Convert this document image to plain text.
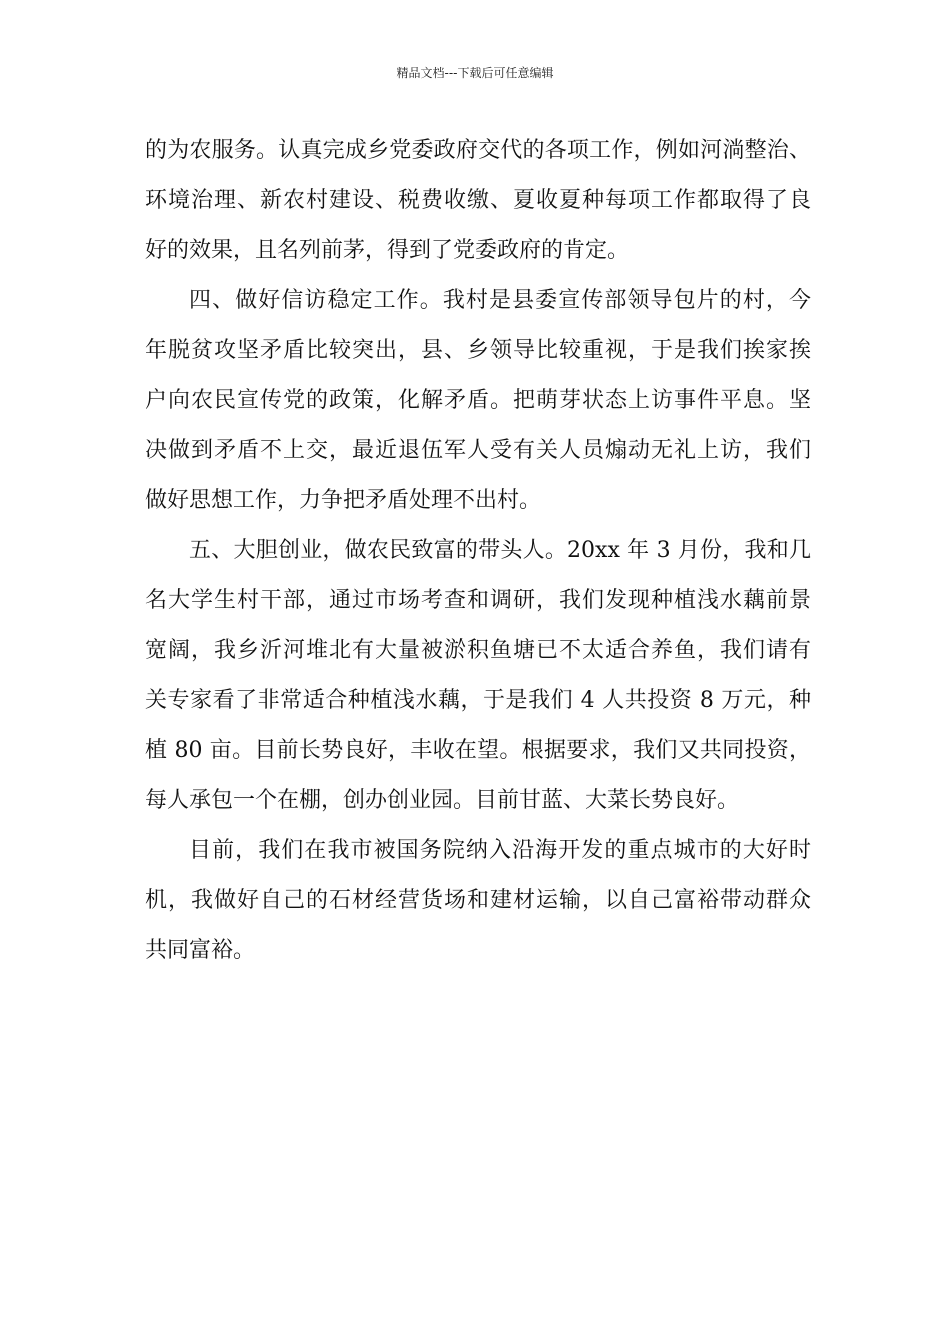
精品文档---下载后可任意编辑
的为农服务。认真完成乡党委政府交代的各项工作，例如河淌整治、
环境治理、新农村建设、税费收缴、夏收夏种每项工作都取得了良
好的效果，且名列前茅，得到了党委政府的肯定。
四、做好信访稳定工作。我村是县委宣传部领导包片的村，今
年脱贫攻坚矛盾比较突出，县、乡领导比较重视，于是我们挨家挨
户向农民宣传党的政策，化解矛盾。把萌芽状态上访事件平息。坚
决做到矛盾不上交，最近退伍军人受有关人员煽动无礼上访，我们
做好思想工作，力争把矛盾处理不出村。
五、大胆创业，做农民致富的带头人。20xx 年 3 月份，我和几
名大学生村干部，通过市场考查和调研，我们发现种植浅水藕前景
宽阔，我乡沂河堆北有大量被淤积鱼塘已不太适合养鱼，我们请有
关专家看了非常适合种植浅水藕，于是我们 4 人共投资 8 万元，种
植 80 亩。目前长势良好，丰收在望。根据要求，我们又共同投资，
每人承包一个在棚，创办创业园。目前甘蓝、大菜长势良好。
目前，我们在我市被国务院纳入沿海开发的重点城市的大好时
机，我做好自己的石材经营货场和建材运输，以自己富裕带动群众
共同富裕。
